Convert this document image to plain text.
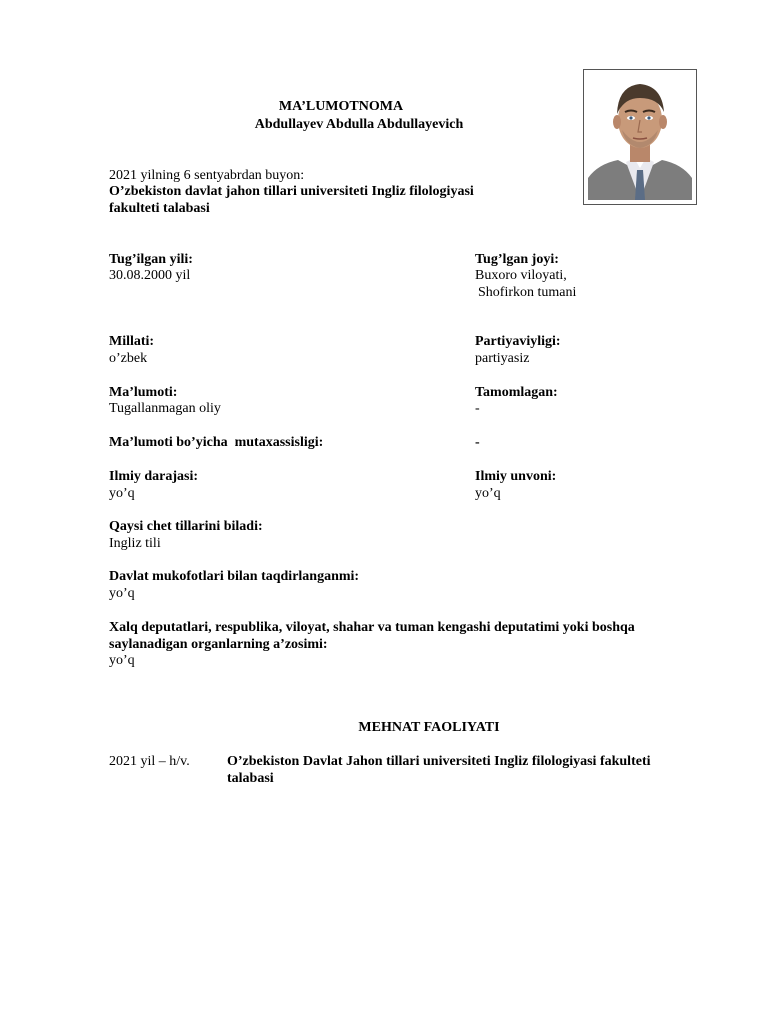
MA’LUMOTNOMA
Abdullayev Abdulla Abdullayevich
2021 yilning 6 sentyabrdan buyon:
O’zbekiston davlat jahon tillari universiteti Ingliz filologiyasi
fakulteti talabasi
Tug’ilgan yili:
30.08.2000 yil
Tug’lgan joyi:
Buxoro viloyati,
Shofirkon tumani
Millati:
o’zbek
Partiyaviyligi:
partiyasiz
Ma’lumoti:
Tugallanmagan oliy
Tamomlagan:
-
Ma’lumoti bo’yicha  mutaxassisligi:	-
Ilmiy darajasi:
yo’q
Ilmiy unvoni:
yo’q
Qaysi chet tillarini biladi:
Ingliz tili
Davlat mukofotlari bilan taqdirlanganmi:
yo’q
Xalq deputatlari, respublika, viloyat, shahar va tuman kengashi deputatimi yoki boshqa
saylanadigan organlarning a’zosimi:
yo’q
MEHNAT FAOLIYATI
2021 yil – h/v.	O’zbekiston Davlat Jahon tillari universiteti Ingliz filologiyasi fakulteti
talabasi
